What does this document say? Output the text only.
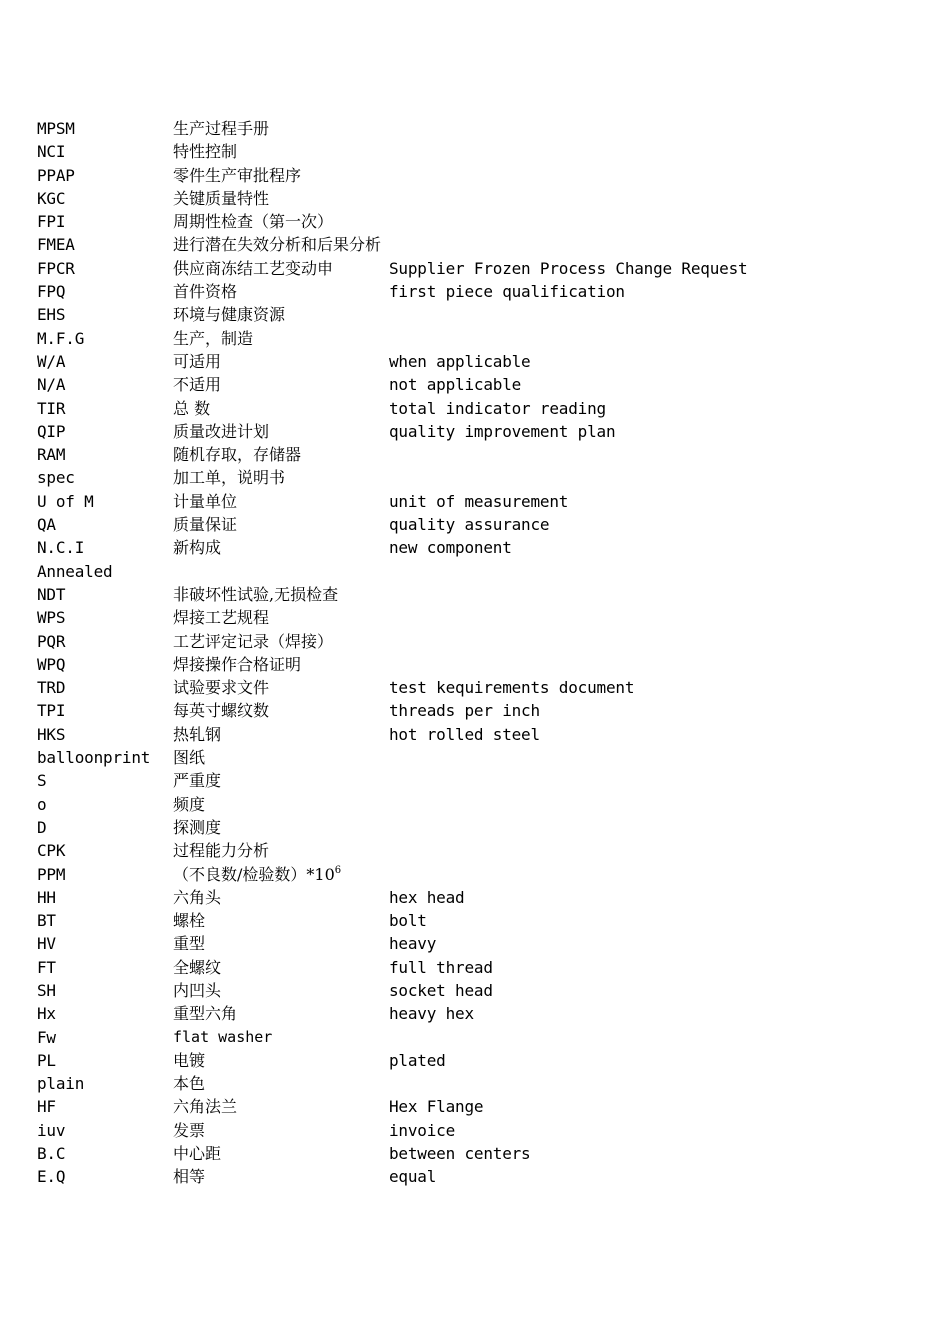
MPSM	生产过程手册	
NCI	特性控制	
PPAP	零件生产审批程序	
KGC	关键质量特性	
FPI	周期性检查（第一次）	
FMEA	进行潜在失效分析和后果分析	
FPCR	供应商冻结工艺变动申	Supplier Frozen Process Change Request
FPQ	首件资格	first piece qualification
EHS	环境与健康资源	
M.F.G	生产，制造	
W/A	可适用	when applicable
N/A	不适用	not applicable
TIR	总 数	total indicator reading
QIP	质量改进计划	quality improvement plan
RAM	随机存取，存储器	
spec	加工单，说明书	
U of M	计量单位	unit of measurement
QA	质量保证	quality assurance
N.C.I	新构成	new component
Annealed		
NDT	非破坏性试验,无损检查	
WPS	焊接工艺规程	
PQR	工艺评定记录（焊接）	
WPQ	焊接操作合格证明	
TRD	试验要求文件	test kequirements document
TPI	每英寸螺纹数	threads per inch
HKS	热轧钢	hot rolled steel
balloonprint	图纸	
S	严重度	
o	频度	
D	探测度	
CPK	过程能力分析	
PPM	（不良数/检验数）$*10^6$	
HH	六角头	hex head
BT	螺栓	bolt
HV	重型	heavy
FT	全螺纹	full thread
SH	内凹头	socket head
Hx	重型六角	heavy hex
Fw	flat washer	
PL	电镀	plated
plain	本色	
HF	六角法兰	Hex Flange
iuv	发票	invoice
B.C	中心距	between centers
E.Q	相等	equal
